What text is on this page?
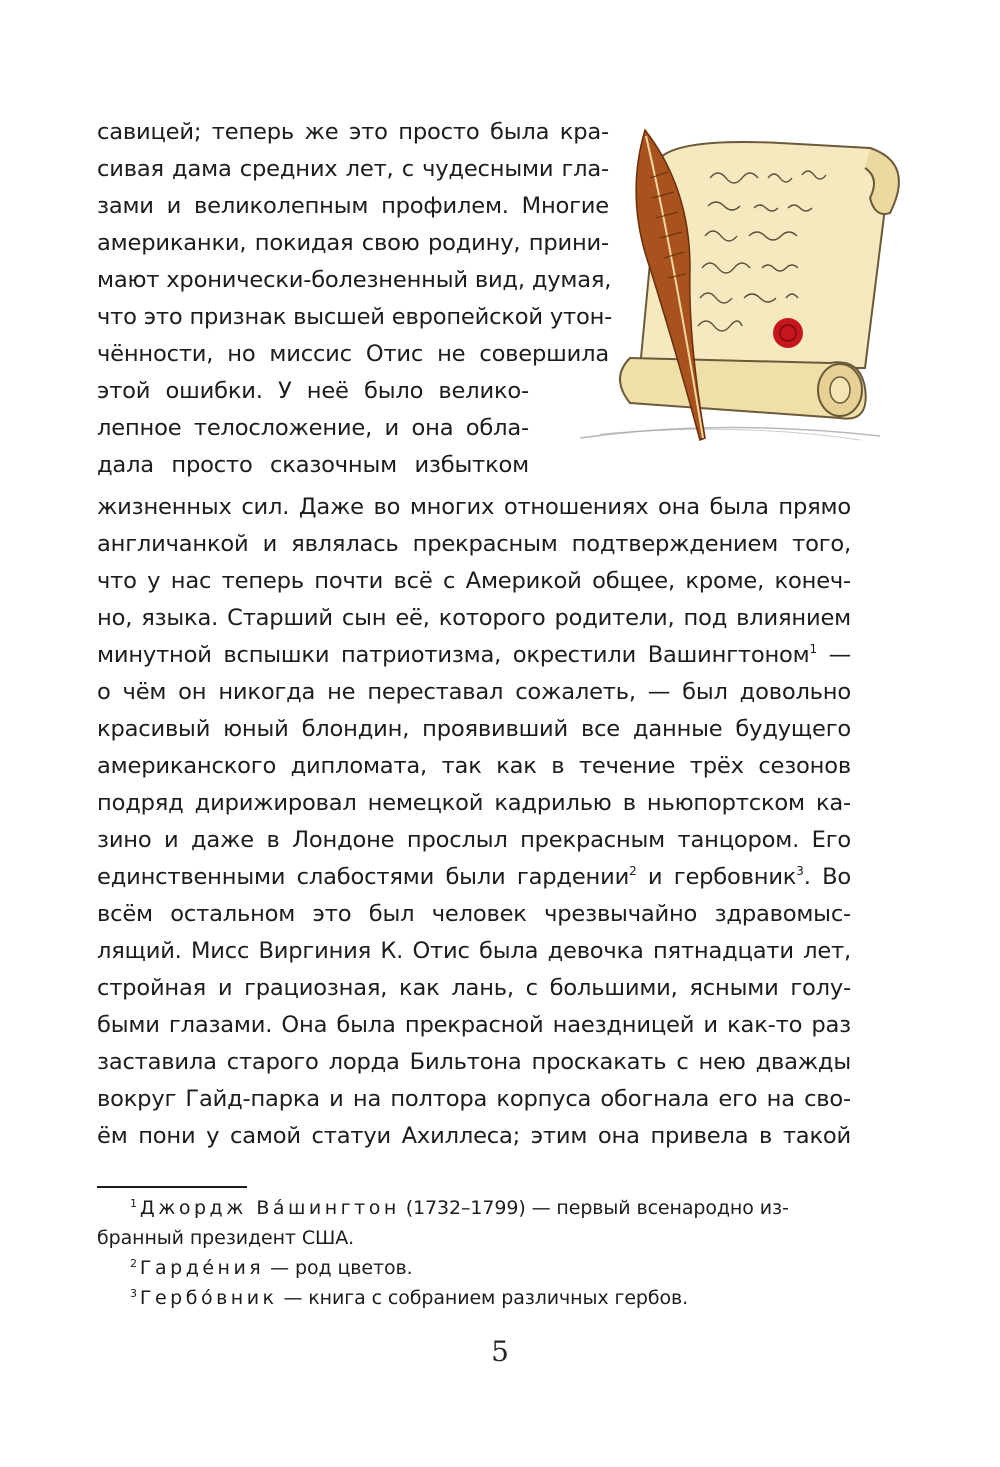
савицей; теперь же это просто была кра-
сивая дама средних лет, с чудесными гла-
зами и великолепным профилем. Многие
американки, покидая свою родину, прини-
мают хронически-болезненный вид, думая,
что это признак высшей европейской утон-
чённости, но миссис Отис не совершила
этой ошибки. У неё было велико-
лепное телосложение, и она обла-
дала просто сказочным избытком
жизненных сил. Даже во многих отношениях она была прямо
англичанкой и являлась прекрасным подтверждением того,
что у нас теперь почти всё с Америкой общее, кроме, конеч-
но, языка. Старший сын её, которого родители, под влиянием
минутной вспышки патриотизма, окрестили Вашингтоном$^1$ —
о чём он никогда не переставал сожалеть, — был довольно
красивый юный блондин, проявивший все данные будущего
американского дипломата, так как в течение трёх сезонов
подряд дирижировал немецкой кадрилью в ньюпортском ка-
зино и даже в Лондоне прослыл прекрасным танцором. Его
единственными слабостями были гардении$^2$ и гербовник$^3$. Во
всём остальном это был человек чрезвычайно здравомыс-
лящий. Мисс Виргиния К. Отис была девочка пятнадцати лет,
стройная и грациозная, как лань, с большими, ясными голу-
быми глазами. Она была прекрасной наездницей и как-то раз
заставила старого лорда Бильтона проскакать с нею дважды
вокруг Гайд-парка и на полтора корпуса обогнала его на сво-
ём пони у самой статуи Ахиллеса; этим она привела в такой
$^1$ Джордж Ва́шингтон (1732–1799) — первый всенародно из-
бранный президент США.
$^2$ Гарде́ния — род цветов.
$^3$ Гербо́вник — книга с собранием различных гербов.
5
